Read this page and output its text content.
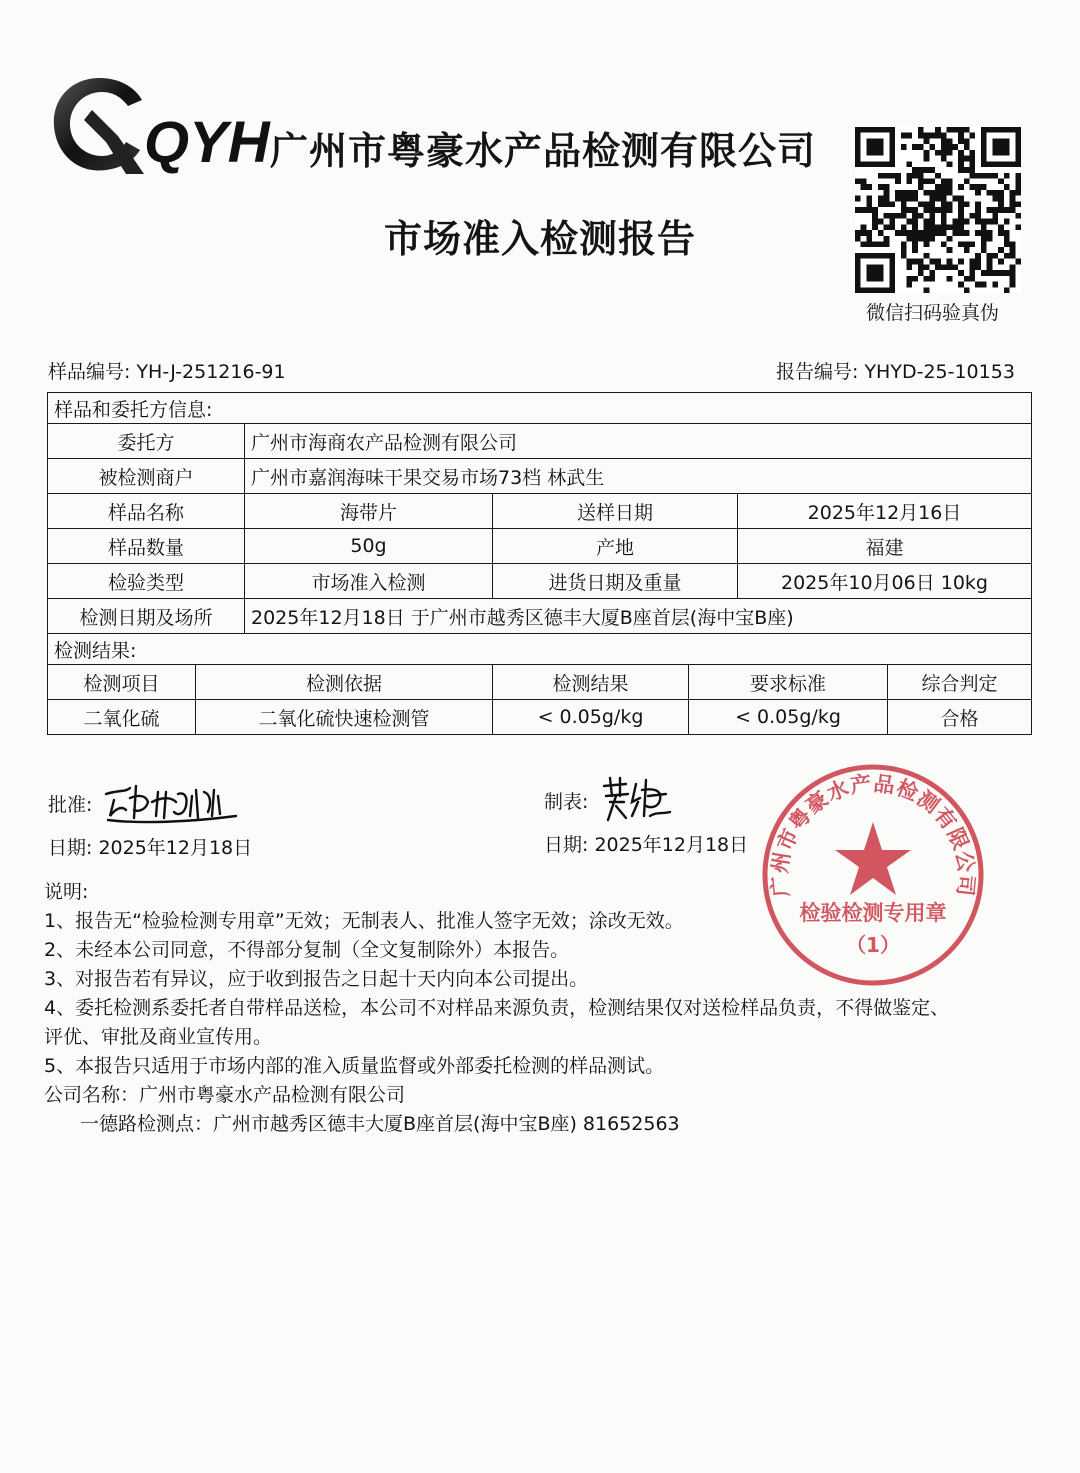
QYH 广州市粤豪水产品检测有限公司
市场准入检测报告
微信扫码验真伪
样品编号: YH-J-251216-91	报告编号: YHYD-25-10153
样品和委托方信息:						
委托方		广州市海商农产品检测有限公司				
被检测商户		广州市嘉润海味干果交易市场73档 林武生				
样品名称		海带片	送样日期		2025年12月16日	
样品数量		50g	产地		福建	
检验类型		市场准入检测	进货日期及重量		2025年10月06日 10kg	
检测日期及场所		2025年12月18日 于广州市越秀区德丰大厦B座首层(海中宝B座)				
检测结果:						
检测项目	检测依据		检测结果	要求标准		综合判定
二氧化硫	二氧化硫快速检测管		< 0.05g/kg	< 0.05g/kg		合格
批准:
日期: 2025年12月18日
制表:
日期: 2025年12月18日
说明:
1、报告无“检验检测专用章”无效；无制表人、批准人签字无效；涂改无效。
2、未经本公司同意，不得部分复制（全文复制除外）本报告。
3、对报告若有异议，应于收到报告之日起十天内向本公司提出。
4、委托检测系委托者自带样品送检，本公司不对样品来源负责，检测结果仅对送检样品负责，不得做鉴定、
评优、审批及商业宣传用。
5、本报告只适用于市场内部的准入质量监督或外部委托检测的样品测试。
公司名称：广州市粤豪水产品检测有限公司
一德路检测点：广州市越秀区德丰大厦B座首层(海中宝B座) 81652563
广州市粤豪水产品检测有限公司
检验检测专用章
（1）
